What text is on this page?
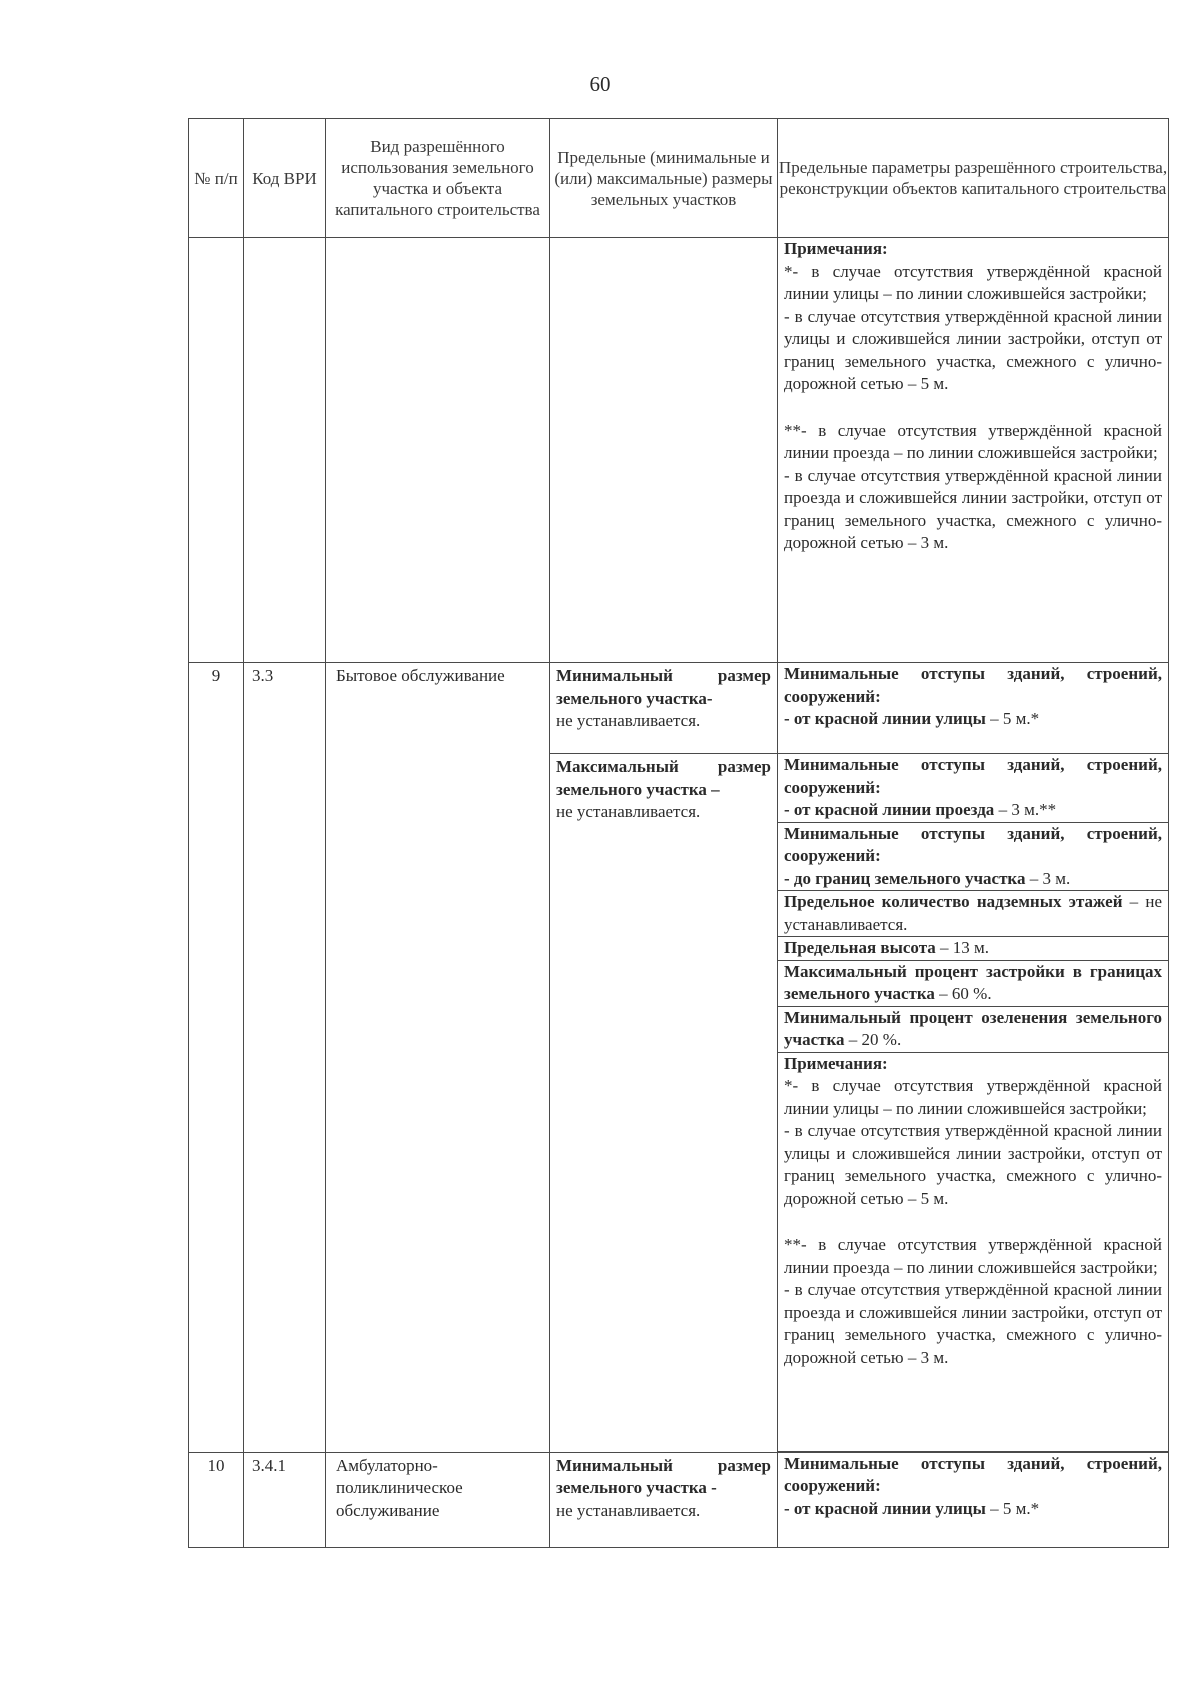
60
№ п/п	Код ВРИ	Вид разрешённого использования земельного участка и объекта капитального строительства	Предельные (минимальные и (или) максимальные) размеры земельных участков	Предельные параметры разрешённого строительства, реконструкции объектов капитального строительства

				Примечания:
*- в случае отсутствия утверждённой красной линии улицы – по линии сложившейся застройки;
- в случае отсутствия утверждённой красной линии улицы и сложившейся линии застройки, отступ от границ земельного участка, смежного с улично-дорожной сетью – 5 м.
**- в случае отсутствия утверждённой красной линии проезда – по линии сложившейся застройки;
- в случае отсутствия утверждённой красной линии проезда и сложившейся линии застройки, отступ от границ земельного участка, смежного с улично-дорожной сетью – 3 м.

9	3.3	Бытовое обслуживание	Минимальный размер земельного участка-
не устанавливается.	Минимальные отступы зданий, строений, сооружений:
- от красной линии улицы – 5 м.*
			Максимальный размер земельного участка –
не устанавливается.	Минимальные отступы зданий, строений, сооружений:
- от красной линии проезда – 3 м.**
				Минимальные отступы зданий, строений, сооружений:
- до границ земельного участка – 3 м.
				Предельное количество надземных этажей – не устанавливается.
				Предельная высота – 13 м.
				Максимальный процент застройки в границах земельного участка – 60 %.
				Минимальный процент озеленения земельного участка – 20 %.

				Примечания:
*- в случае отсутствия утверждённой красной линии улицы – по линии сложившейся застройки;
- в случае отсутствия утверждённой красной линии улицы и сложившейся линии застройки, отступ от границ земельного участка, смежного с улично-дорожной сетью – 5 м.
**- в случае отсутствия утверждённой красной линии проезда – по линии сложившейся застройки;
- в случае отсутствия утверждённой красной линии проезда и сложившейся линии застройки, отступ от границ земельного участка, смежного с улично-дорожной сетью – 3 м.

10	3.4.1	Амбулаторно-поликлиническое обслуживание	Минимальный размер земельного участка -
не устанавливается.	Минимальные отступы зданий, строений, сооружений:
- от красной линии улицы – 5 м.*
